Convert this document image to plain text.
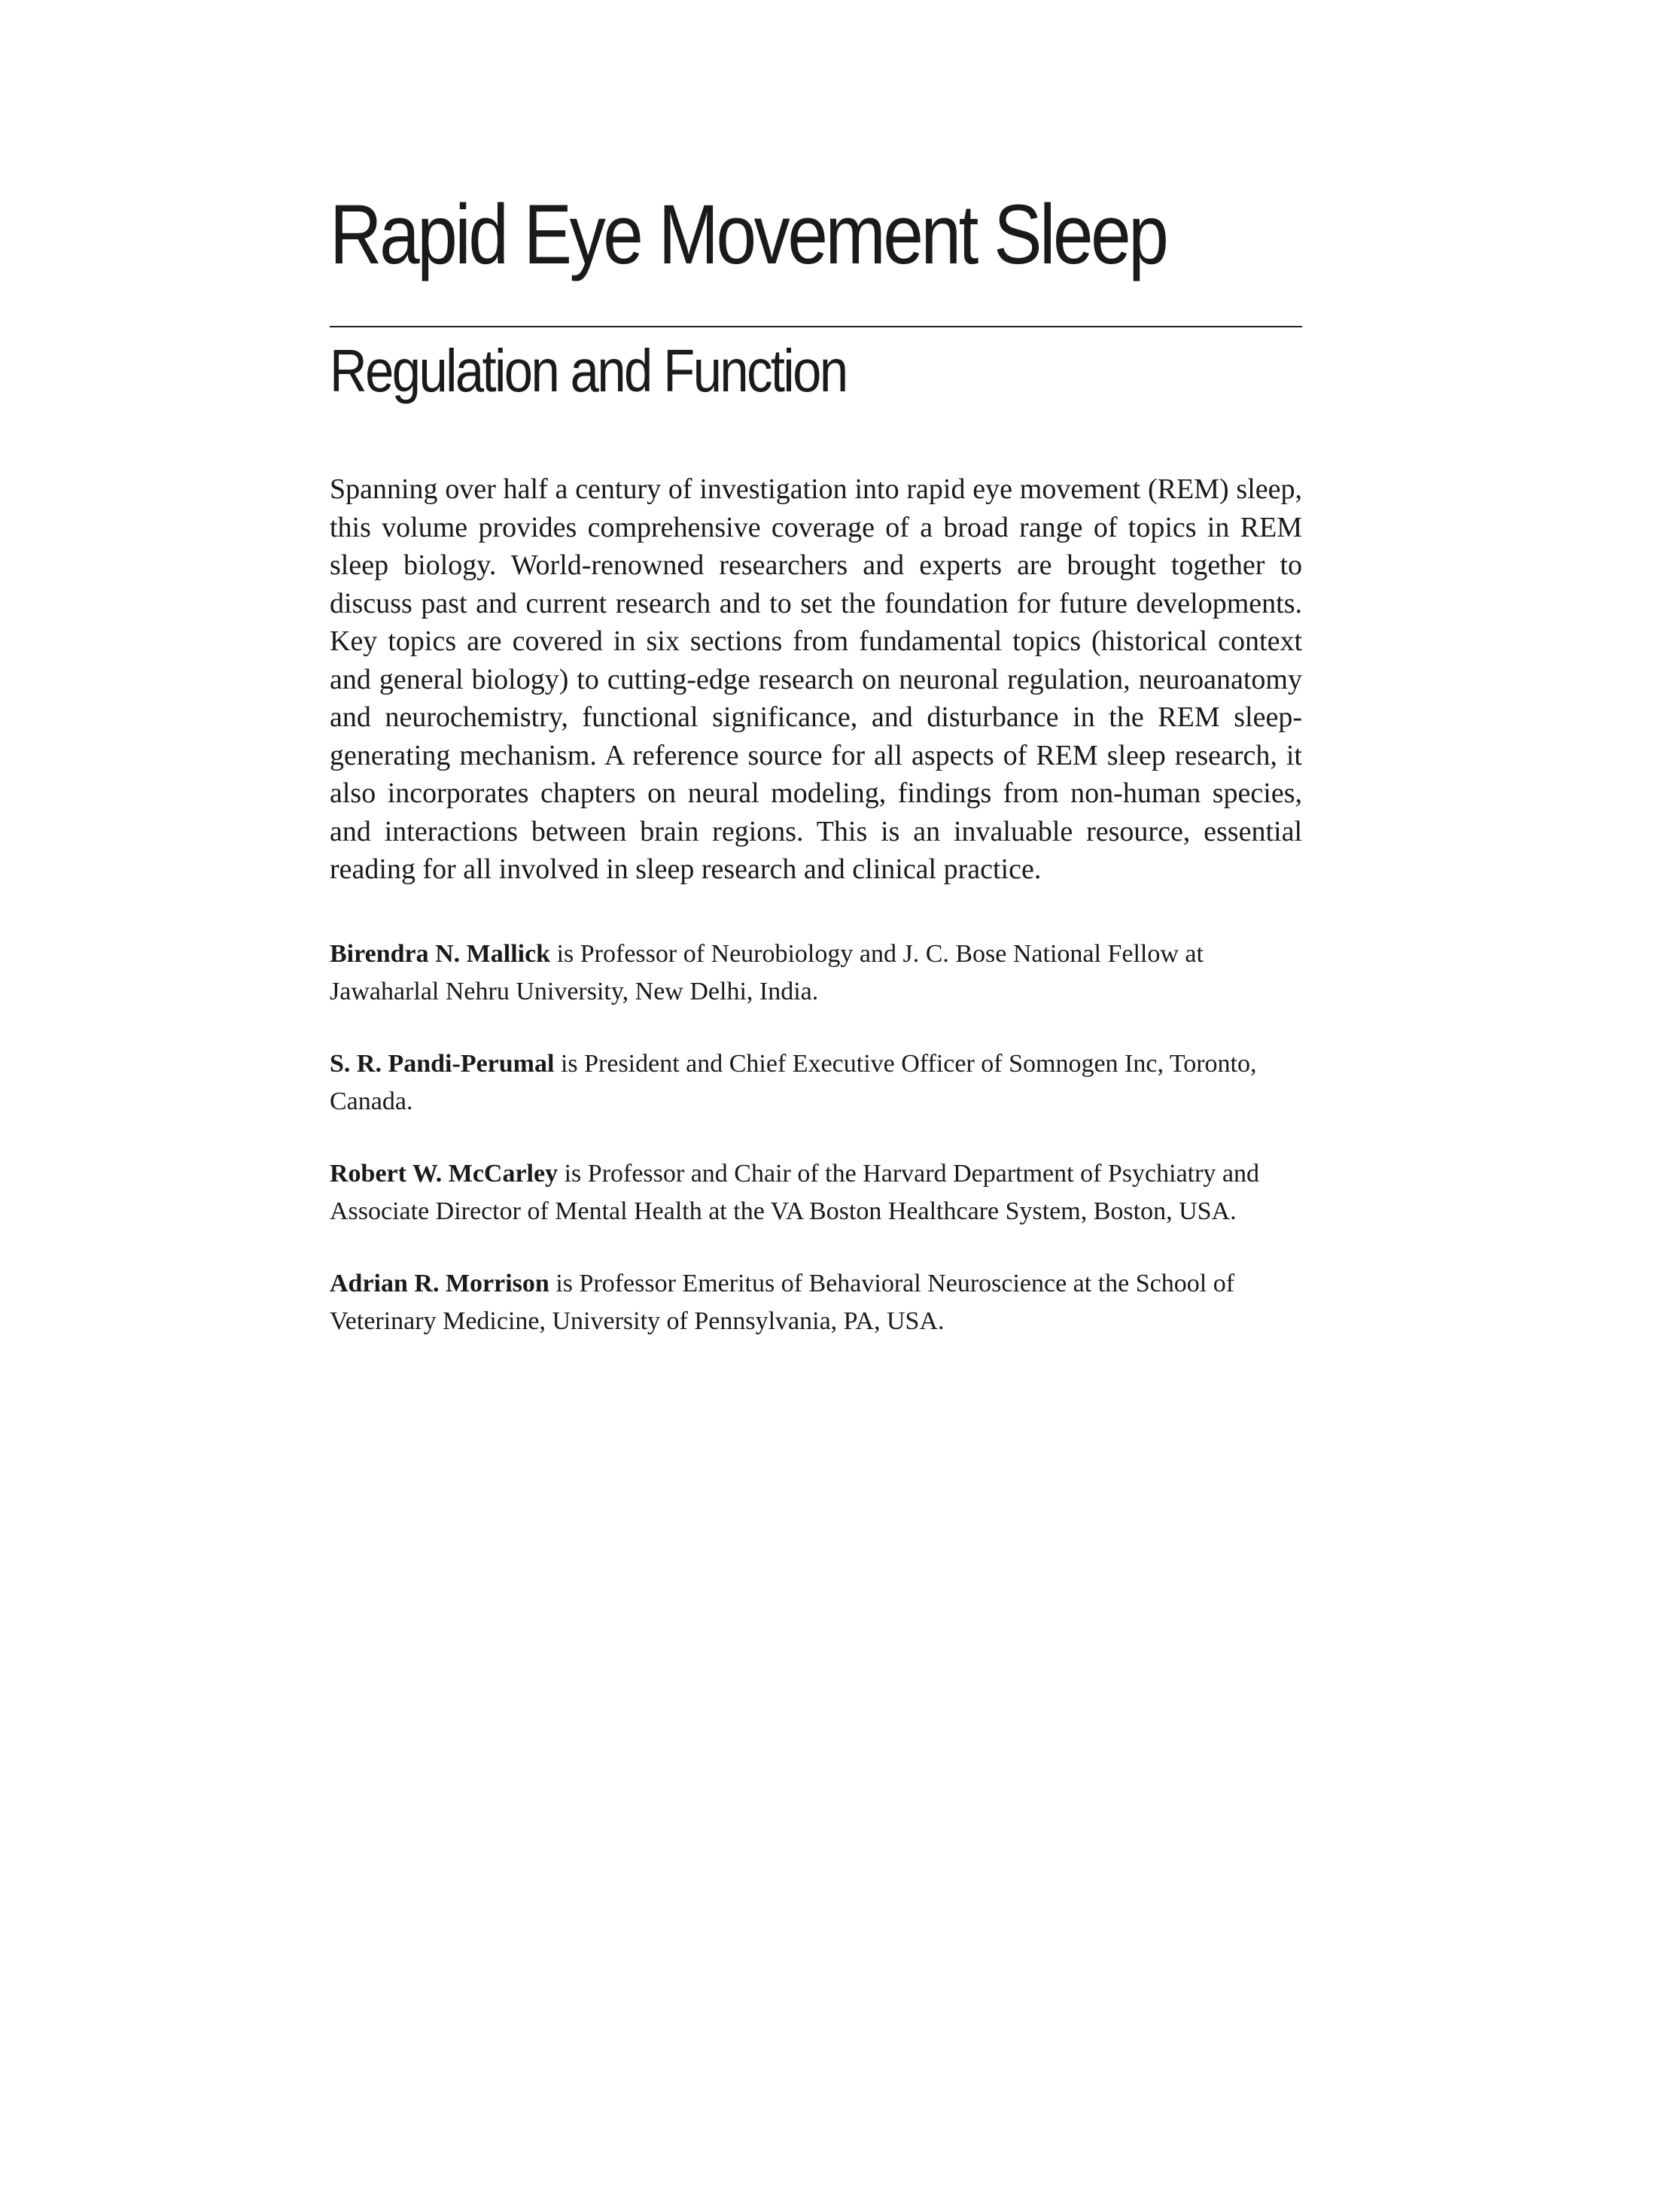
Rapid Eye Movement Sleep
Regulation and Function

Spanning over half a century of investigation into rapid eye movement (REM) sleep, this volume provides comprehensive coverage of a broad range of topics in REM sleep biology. World-renowned researchers and experts are brought together to discuss past and current research and to set the foundation for future developments. Key topics are covered in six sections from fundamental topics (historical context and general biology) to cutting-edge research on neuronal regulation, neuroanatomy and neurochemistry, functional significance, and disturbance in the REM sleep-generating mechanism. A reference source for all aspects of REM sleep research, it also incorporates chapters on neural modeling, findings from non-human species, and interactions between brain regions. This is an invaluable resource, essential reading for all involved in sleep research and clinical practice.

Birendra N. Mallick is Professor of Neurobiology and J. C. Bose National Fellow at Jawaharlal Nehru University, New Delhi, India.

S. R. Pandi-Perumal is President and Chief Executive Officer of Somnogen Inc, Toronto, Canada.

Robert W. McCarley is Professor and Chair of the Harvard Department of Psychiatry and Associate Director of Mental Health at the VA Boston Healthcare System, Boston, USA.

Adrian R. Morrison is Professor Emeritus of Behavioral Neuroscience at the School of Veterinary Medicine, University of Pennsylvania, PA, USA.
